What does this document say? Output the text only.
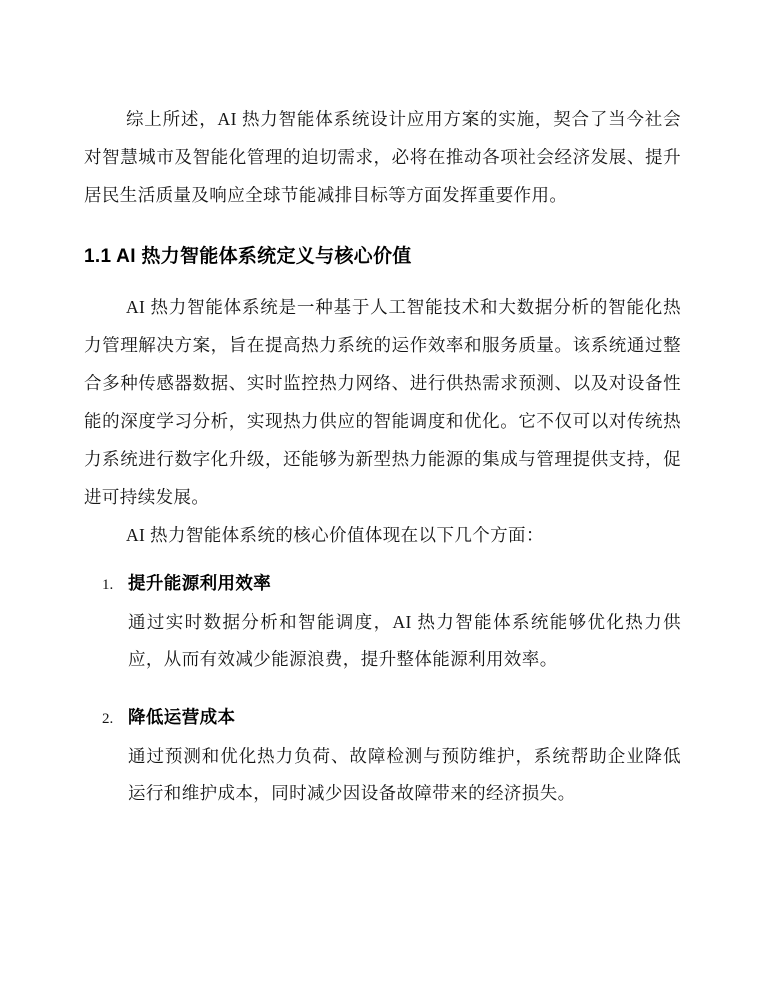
综上所述，AI 热力智能体系统设计应用方案的实施，契合了当今社会对智慧城市及智能化管理的迫切需求，必将在推动各项社会经济发展、提升居民生活质量及响应全球节能减排目标等方面发挥重要作用。

1.1 AI 热力智能体系统定义与核心价值

AI 热力智能体系统是一种基于人工智能技术和大数据分析的智能化热力管理解决方案，旨在提高热力系统的运作效率和服务质量。该系统通过整合多种传感器数据、实时监控热力网络、进行供热需求预测、以及对设备性能的深度学习分析，实现热力供应的智能调度和优化。它不仅可以对传统热力系统进行数字化升级，还能够为新型热力能源的集成与管理提供支持，促进可持续发展。

AI 热力智能体系统的核心价值体现在以下几个方面：

1. 提升能源利用效率

通过实时数据分析和智能调度，AI 热力智能体系统能够优化热力供应，从而有效减少能源浪费，提升整体能源利用效率。

2. 降低运营成本

通过预测和优化热力负荷、故障检测与预防维护，系统帮助企业降低运行和维护成本，同时减少因设备故障带来的经济损失。
